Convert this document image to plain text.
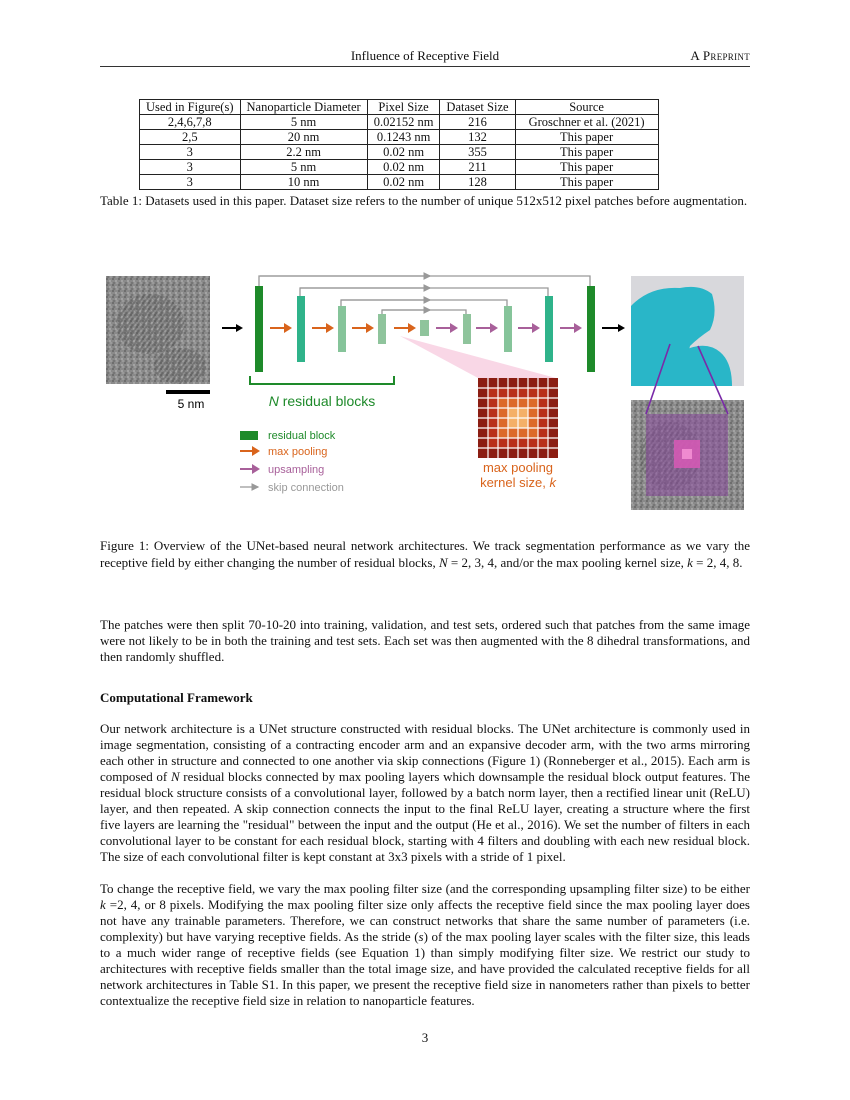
Influence of Receptive Field	A Preprint
Used in Figure(s)	Nanoparticle Diameter	Pixel Size	Dataset Size	Source
2,4,6,7,8	5 nm	0.02152 nm	216	Groschner et al. (2021)
2,5	20 nm	0.1243 nm	132	This paper
3	2.2 nm	0.02 nm	355	This paper
3	5 nm	0.02 nm	211	This paper
3	10 nm	0.02 nm	128	This paper
Table 1: Datasets used in this paper. Dataset size refers to the number of unique 512x512 pixel patches before augmentation.
5 nm	N residual blocks
max pooling
kernel size, k
residual block
max pooling
upsampling
skip connection
Figure 1: Overview of the UNet-based neural network architectures. We track segmentation performance as we vary the receptive field by either changing the number of residual blocks, N = 2, 3, 4, and/or the max pooling kernel size, k = 2, 4, 8.
The patches were then split 70-10-20 into training, validation, and test sets, ordered such that patches from the same image were not likely to be in both the training and test sets. Each set was then augmented with the 8 dihedral transformations, and then randomly shuffled.
Computational Framework
Our network architecture is a UNet structure constructed with residual blocks. The UNet architecture is commonly used in image segmentation, consisting of a contracting encoder arm and an expansive decoder arm, with the two arms mirroring each other in structure and connected to one another via skip connections (Figure 1) (Ronneberger et al., 2015). Each arm is composed of N residual blocks connected by max pooling layers which downsample the residual block output features. The residual block structure consists of a convolutional layer, followed by a batch norm layer, then a rectified linear unit (ReLU) layer, and then repeated. A skip connection connects the input to the final ReLU layer, creating a structure where the first five layers are learning the "residual" between the input and the output (He et al., 2016). We set the number of filters in each convolutional layer to be constant for each residual block, starting with 4 filters and doubling with each new residual block. The size of each convolutional filter is kept constant at 3x3 pixels with a stride of 1 pixel.
To change the receptive field, we vary the max pooling filter size (and the corresponding upsampling filter size) to be either k =2, 4, or 8 pixels. Modifying the max pooling filter size only affects the receptive field since the max pooling layer does not have any trainable parameters. Therefore, we can construct networks that share the same number of parameters (i.e. complexity) but have varying receptive fields. As the stride (s) of the max pooling layer scales with the filter size, this leads to a much wider range of receptive fields (see Equation 1) than simply modifying filter size. We restrict our study to architectures with receptive fields smaller than the total image size, and have provided the calculated receptive fields for all network architectures in Table S1. In this paper, we present the receptive field size in nanometers rather than pixels to better contextualize the receptive field size in relation to nanoparticle features.
3
